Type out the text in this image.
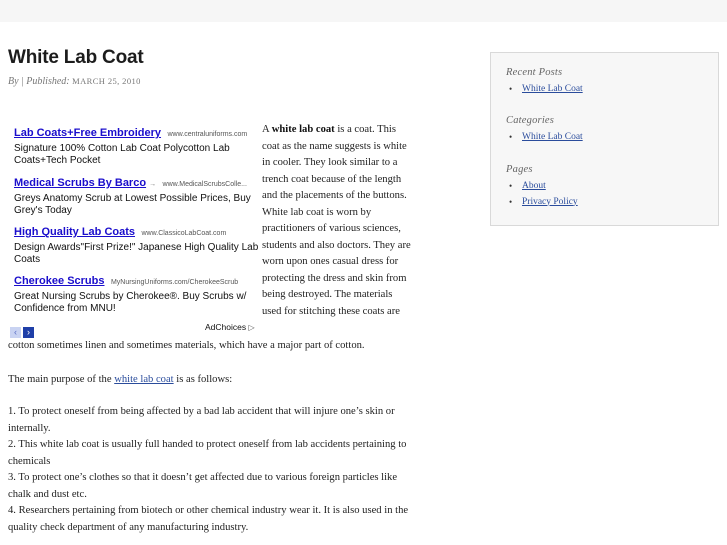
White Lab Coat
By | Published: MARCH 25, 2010
Lab Coats+Free Embroidery www.centraluniforms.com
Signature 100% Cotton Lab Coat Polycotton Lab Coats+Tech Pocket
Medical Scrubs By Barco → www.MedicalScrubsColle...
Greys Anatomy Scrub at Lowest Possible Prices, Buy Grey's Today
High Quality Lab Coats www.ClassicoLabCoat.com
Design Awards"First Prize!" Japanese High Quality Lab Coats
Cherokee Scrubs MyNursingUniforms.com/CherokeeScrub
Great Nursing Scrubs by Cherokee®. Buy Scrubs w/ Confidence from MNU!
‹ ›	AdChoices ▷

A white lab coat is a coat. This coat as the name suggests is white in cooler. They look similar to a trench coat because of the length and the placements of the buttons. White lab coat is worn by practitioners of various sciences, students and also doctors. They are worn upon ones casual dress for protecting the dress and skin from being destroyed. The materials used for stitching these coats are

cotton sometimes linen and sometimes materials, which have a major part of cotton.

The main purpose of the white lab coat is as follows:

1. To protect oneself from being affected by a bad lab accident that will injure one’s skin or internally.
2. This white lab coat is usually full handed to protect oneself from lab accidents pertaining to chemicals
3. To protect one’s clothes so that it doesn’t get affected due to various foreign particles like chalk and dust etc.
4. Researchers pertaining from biotech or other chemical industry wear it. It is also used in the quality check department of any manufacturing industry.
Recent Posts
• White Lab Coat
Categories
• White Lab Coat
Pages
• About
• Privacy Policy
